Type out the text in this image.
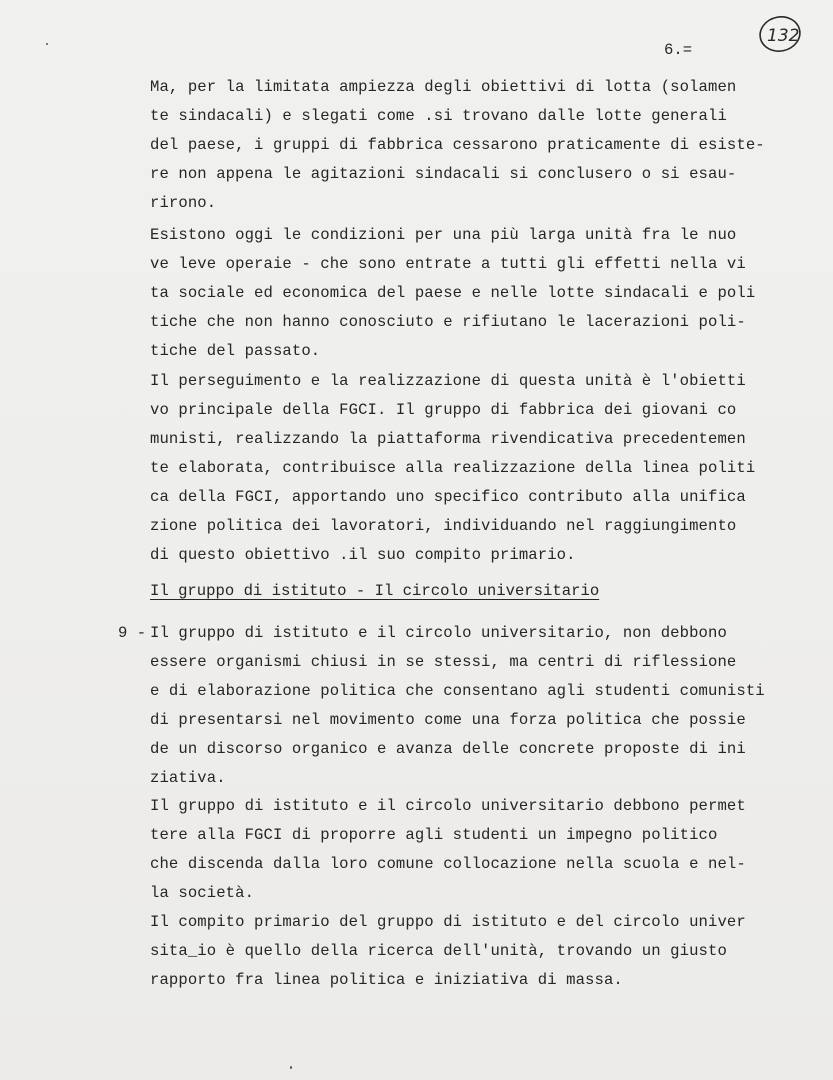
132
6.=
Ma, per la limitata ampiezza degli obiettivi di lotta (solamen
te sindacali) e slegati come .si trovano dalle lotte generali
del paese, i gruppi di fabbrica cessarono praticamente di esiste-
re non appena le agitazioni sindacali si conclusero o si esau-
rirono.
Esistono oggi le condizioni per una più larga unità fra le nuo
ve leve operaie - che sono entrate a tutti gli effetti nella vi
ta sociale ed economica del paese e nelle lotte sindacali e poli
tiche che non hanno conosciuto e rifiutano le lacerazioni poli-
tiche del passato.
Il perseguimento e la realizzazione di questa unità è l'obietti
vo principale della FGCI. Il gruppo di fabbrica dei giovani co
munisti, realizzando la piattaforma rivendicativa precedentemen
te elaborata, contribuisce alla realizzazione della linea politi
ca della FGCI, apportando uno specifico contributo alla unifica
zione politica dei lavoratori, individuando nel raggiungimento
di questo obiettivo .il suo compito primario.
Il gruppo di istituto - Il circolo universitario
9 - Il gruppo di istituto e il circolo universitario, non debbono
essere organismi chiusi in se stessi, ma centri di riflessione
e di elaborazione politica che consentano agli studenti comunisti
di presentarsi nel movimento come una forza politica che possie
de un discorso organico e avanza delle concrete proposte di ini
ziativa.
Il gruppo di istituto e il circolo universitario debbono permet
tere alla FGCI di proporre agli studenti un impegno politico
che discenda dalla loro comune collocazione nella scuola e nel-
la società.
Il compito primario del gruppo di istituto e del circolo univer
sita_io è quello della ricerca dell'unità, trovando un giusto
rapporto fra linea politica e iniziativa di massa.
